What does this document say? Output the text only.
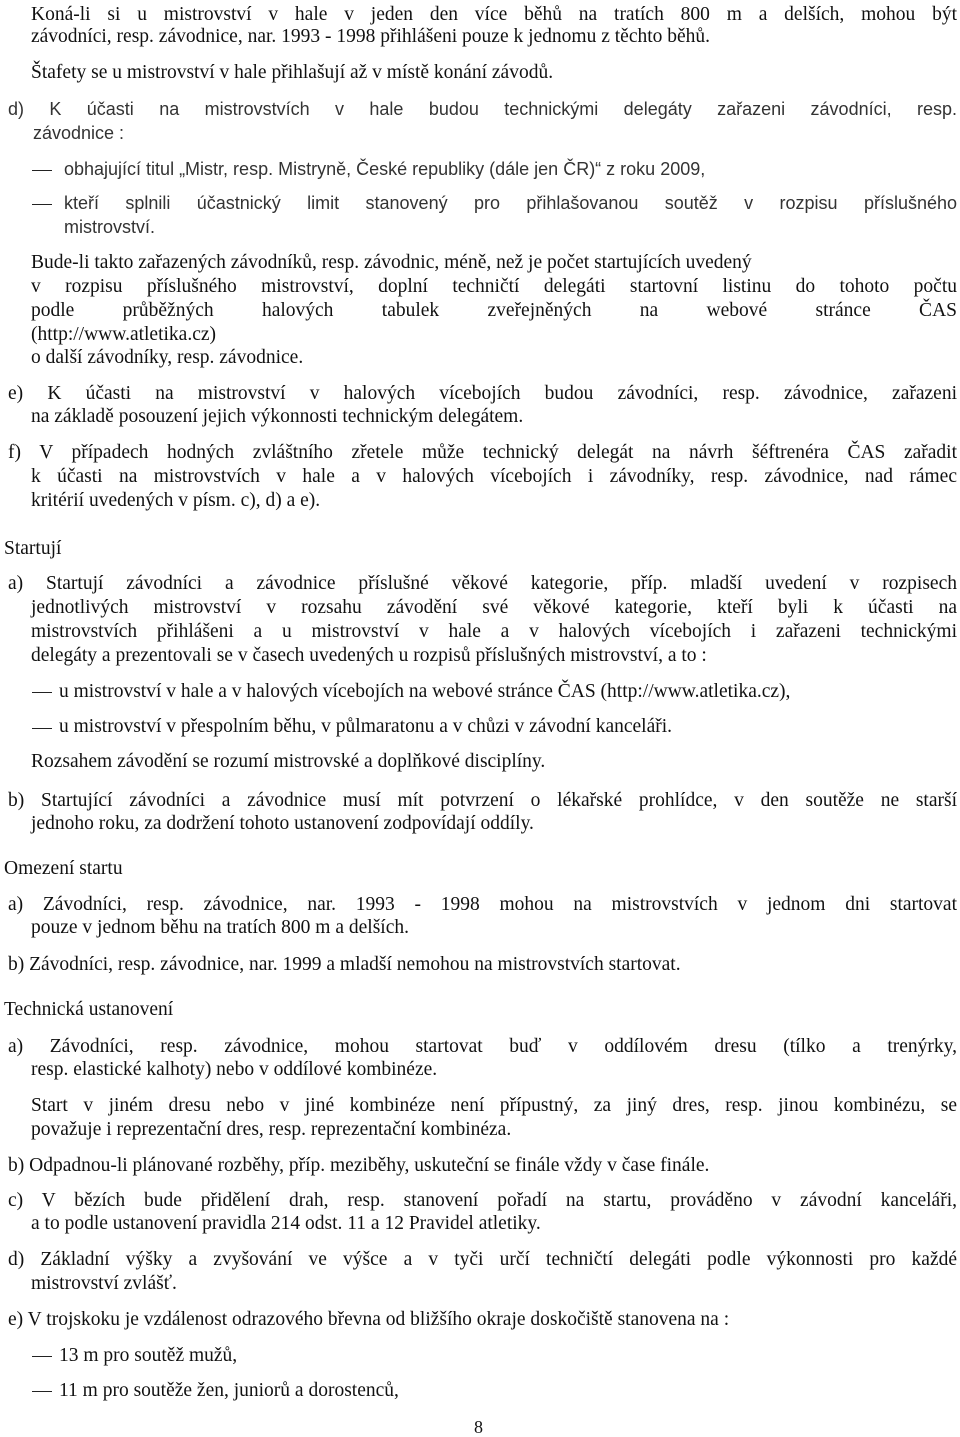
Koná-li si u mistrovství v hale v jeden den více běhů na tratích 800 m a delších, mohou být
závodníci, resp. závodnice, nar. 1993 - 1998 přihlášeni pouze k jednomu z těchto běhů.
Štafety se u mistrovství v hale přihlašují až v místě konání závodů.
d) K účasti na mistrovstvích v hale budou technickými delegáty zařazeni závodníci, resp.
závodnice :
obhajující titul „Mistr, resp. Mistryně, České republiky (dále jen ČR)“ z roku 2009,
kteří splnili účastnický limit stanovený pro přihlašovanou soutěž v rozpisu příslušného
mistrovství.
Bude-li takto zařazených závodníků, resp. závodnic, méně, než je počet startujících uvedený
v rozpisu příslušného mistrovství, doplní techničtí delegáti startovní listinu do tohoto počtu
podle průběžných halových tabulek zveřejněných na webové stránce ČAS
(http://www.atletika.cz)
o další závodníky, resp. závodnice.
e) K účasti na mistrovství v halových vícebojích budou závodníci, resp. závodnice, zařazeni
na základě posouzení jejich výkonnosti technickým delegátem.
f) V případech hodných zvláštního zřetele může technický delegát na návrh šéftrenéra ČAS zařadit
k účasti na mistrovstvích v hale a v halových vícebojích i závodníky, resp. závodnice, nad rámec
kritérií uvedených v písm. c), d) a e).
Startují
a) Startují závodníci a závodnice příslušné věkové kategorie, příp. mladší uvedení v rozpisech
jednotlivých mistrovství v rozsahu závodění své věkové kategorie, kteří byli k účasti na
mistrovstvích přihlášeni a u mistrovství v hale a v halových vícebojích i zařazeni technickými
delegáty a prezentovali se v časech uvedených u rozpisů příslušných mistrovství, a to :
u mistrovství v hale a v halových vícebojích na webové stránce ČAS (http://www.atletika.cz),
u mistrovství v přespolním běhu, v půlmaratonu a v chůzi v závodní kanceláři.
Rozsahem závodění se rozumí mistrovské a doplňkové disciplíny.
b) Startující závodníci a závodnice musí mít potvrzení o lékařské prohlídce, v den soutěže ne starší
jednoho roku, za dodržení tohoto ustanovení zodpovídají oddíly.
Omezení startu
a) Závodníci, resp. závodnice, nar. 1993 - 1998 mohou na mistrovstvích v jednom dni startovat
pouze v jednom běhu na tratích 800 m a delších.
b) Závodníci, resp. závodnice, nar. 1999 a mladší nemohou na mistrovstvích startovat.
Technická ustanovení
a) Závodníci, resp. závodnice, mohou startovat buď v oddílovém dresu (tílko a trenýrky,
resp. elastické kalhoty) nebo v oddílové kombinéze.
Start v jiném dresu nebo v jiné kombinéze není přípustný, za jiný dres, resp. jinou kombinézu, se
považuje i reprezentační dres, resp. reprezentační kombinéza.
b) Odpadnou-li plánované rozběhy, příp. meziběhy, uskuteční se finále vždy v čase finále.
c) V bězích bude přidělení drah, resp. stanovení pořadí na startu, prováděno v závodní kanceláři,
a to podle ustanovení pravidla 214 odst. 11 a 12 Pravidel atletiky.
d) Základní výšky a zvyšování ve výšce a v tyči určí techničtí delegáti podle výkonnosti pro každé
mistrovství zvlášť.
e) V trojskoku je vzdálenost odrazového břevna od bližšího okraje doskočiště stanovena na :
13 m pro soutěž mužů,
11 m pro soutěže žen, juniorů a dorostenců,
8
